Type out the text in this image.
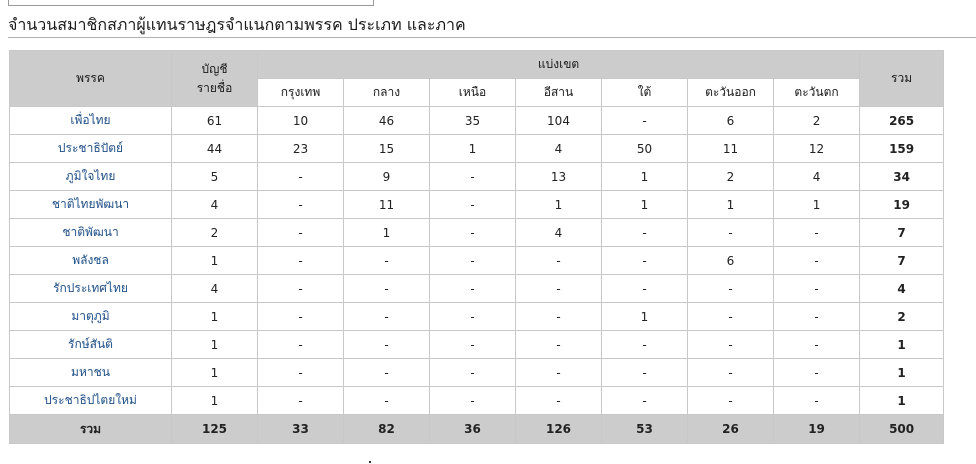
จำนวนสมาชิกสภาผู้แทนราษฎรจำแนกตามพรรค ประเภท และภาค
พรรค	บัญชี
รายชื่อ	แบ่งเขต							รวม
		กรุงเทพ	กลาง	เหนือ	อีสาน	ใต้	ตะวันออก	ตะวันตก	
เพื่อไทย	61	10	46	35	104	-	6	2	265
ประชาธิปัตย์	44	23	15	1	4	50	11	12	159
ภูมิใจไทย	5	-	9	-	13	1	2	4	34
ชาติไทยพัฒนา	4	-	11	-	1	1	1	1	19
ชาติพัฒนา	2	-	1	-	4	-	-	-	7
พลังชล	1	-	-	-	-	-	6	-	7
รักประเทศไทย	4	-	-	-	-	-	-	-	4
มาตุภูมิ	1	-	-	-	-	1	-	-	2
รักษ์สันติ	1	-	-	-	-	-	-	-	1
มหาชน	1	-	-	-	-	-	-	-	1
ประชาธิปไตยใหม่	1	-	-	-	-	-	-	-	1
รวม	125	33	82	36	126	53	26	19	500
